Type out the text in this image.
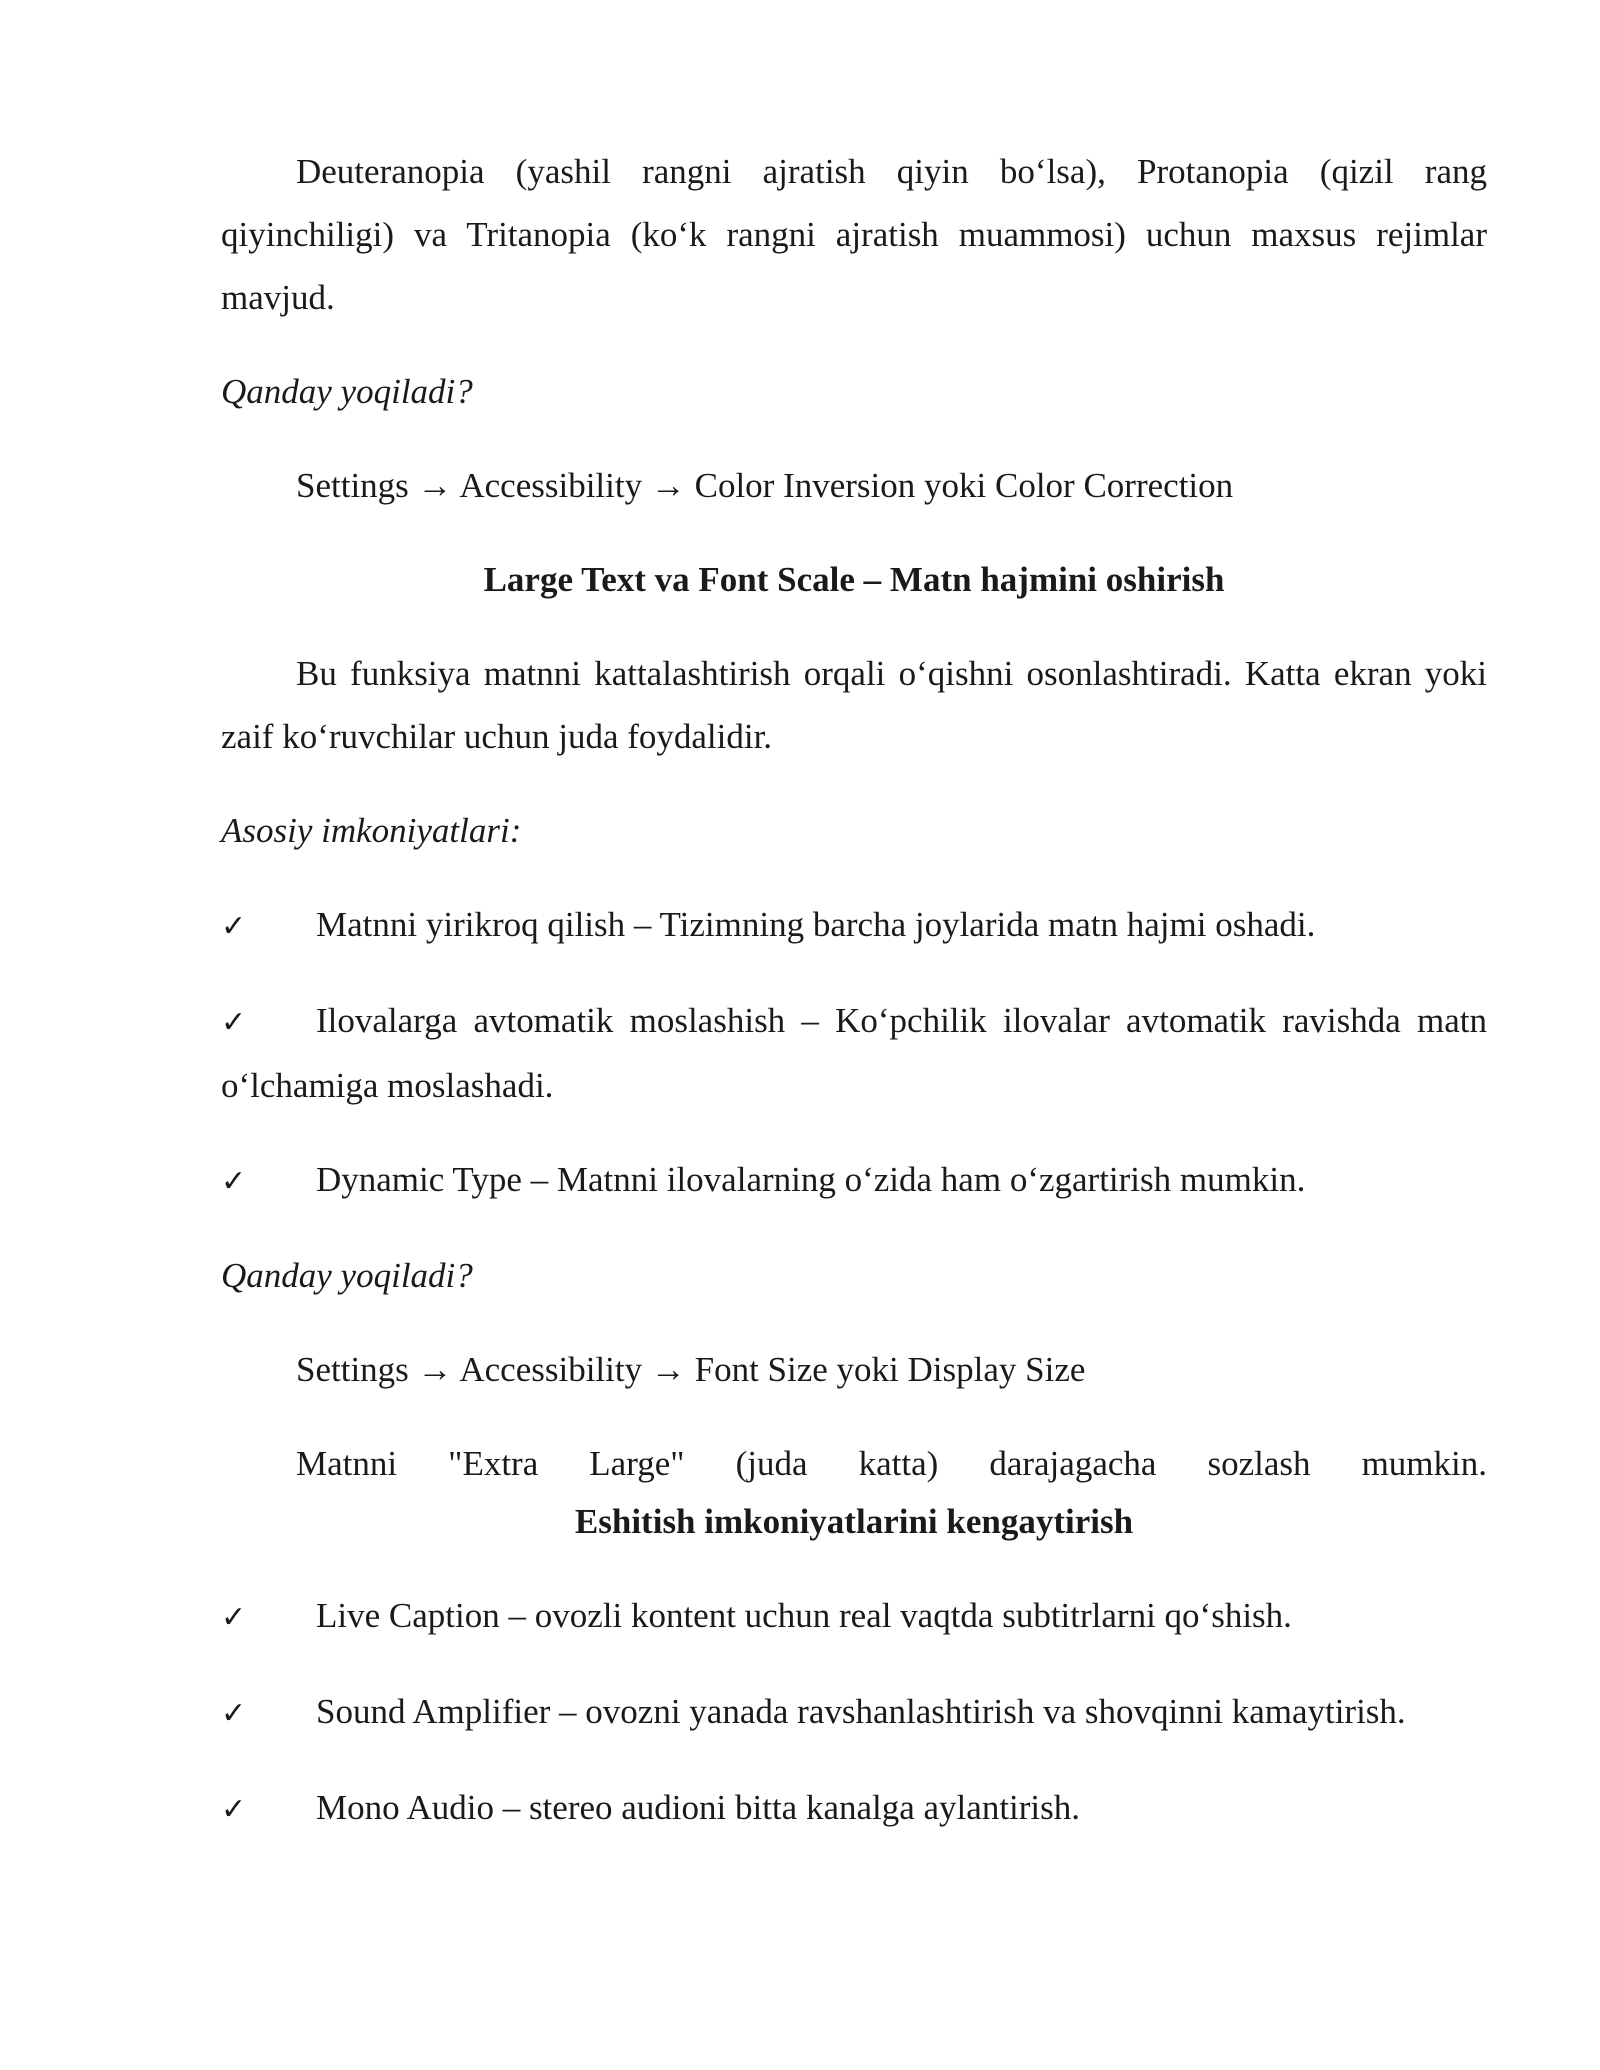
Deuteranopia (yashil rangni ajratish qiyin bo‘lsa), Protanopia (qizil rang qiyinchiligi) va Tritanopia (ko‘k rangni ajratish muammosi) uchun maxsus rejimlar mavjud.

Qanday yoqiladi?

Settings → Accessibility → Color Inversion yoki Color Correction

Large Text va Font Scale – Matn hajmini oshirish

Bu funksiya matnni kattalashtirish orqali o‘qishni osonlashtiradi. Katta ekran yoki zaif ko‘ruvchilar uchun juda foydalidir.

Asosiy imkoniyatlari:

✓ Matnni yirikroq qilish – Tizimning barcha joylarida matn hajmi oshadi.

✓ Ilovalarga avtomatik moslashish – Ko‘pchilik ilovalar avtomatik ravishda matn o‘lchamiga moslashadi.

✓ Dynamic Type – Matnni ilovalarning o‘zida ham o‘zgartirish mumkin.

Qanday yoqiladi?

Settings → Accessibility → Font Size yoki Display Size

Matnni "Extra Large" (juda katta) darajagacha sozlash mumkin.

Eshitish imkoniyatlarini kengaytirish

✓ Live Caption – ovozli kontent uchun real vaqtda subtitrlarni qo‘shish.

✓ Sound Amplifier – ovozni yanada ravshanlashtirish va shovqinni kamaytirish.

✓ Mono Audio – stereo audioni bitta kanalga aylantirish.
